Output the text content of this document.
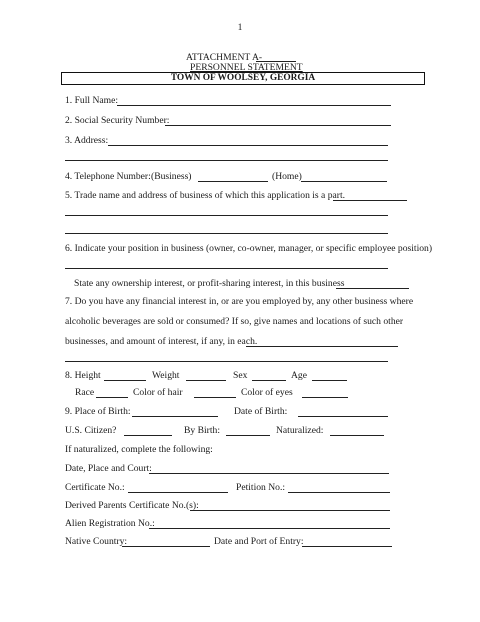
1
ATTACHMENT A-
PERSONNEL STATEMENT
TOWN OF WOOLSEY, GEORGIA
1. Full Name:
2. Social Security Number:
3. Address:
4. Telephone Number: (Business)	(Home)
5. Trade name and address of business of which this application is a part.
6. Indicate your position in business (owner, co-owner, manager, or specific employee position)
State any ownership interest, or profit-sharing interest, in this business
7. Do you have any financial interest in, or are you employed by, any other business where
alcoholic beverages are sold or consumed? If so, give names and locations of such other
businesses, and amount of interest, if any, in each.
8. Height	Weight	Sex	Age
Race	Color of hair	Color of eyes
9. Place of Birth:	Date of Birth:
U.S. Citizen?	By Birth:	Naturalized:
If naturalized, complete the following:
Date, Place and Court:
Certificate No.:	Petition No.:
Derived Parents Certificate No.(s):
Alien Registration No.:
Native Country:	Date and Port of Entry:
